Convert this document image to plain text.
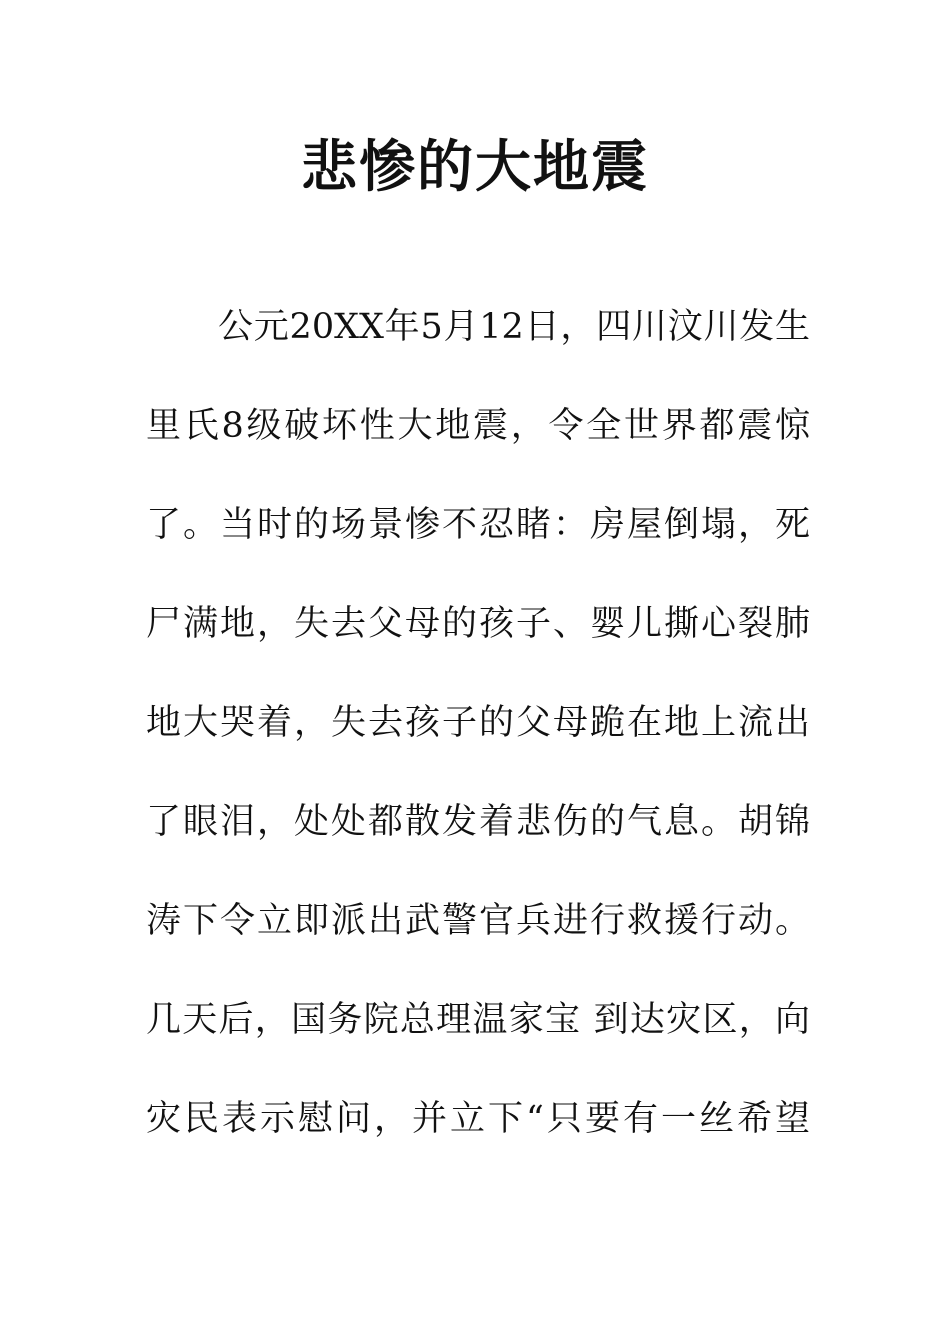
悲惨的大地震
公元20XX年5月12日，四川汶川发生
里氏8级破坏性大地震，令全世界都震惊
了。当时的场景惨不忍睹：房屋倒塌，死
尸满地，失去父母的孩子、婴儿撕心裂肺
地大哭着，失去孩子的父母跪在地上流出
了眼泪，处处都散发着悲伤的气息。胡锦
涛下令立即派出武警官兵进行救援行动。
几天后，国务院总理温家宝 到达灾区，向
灾民表示慰问，并立下“只要有一丝希望
